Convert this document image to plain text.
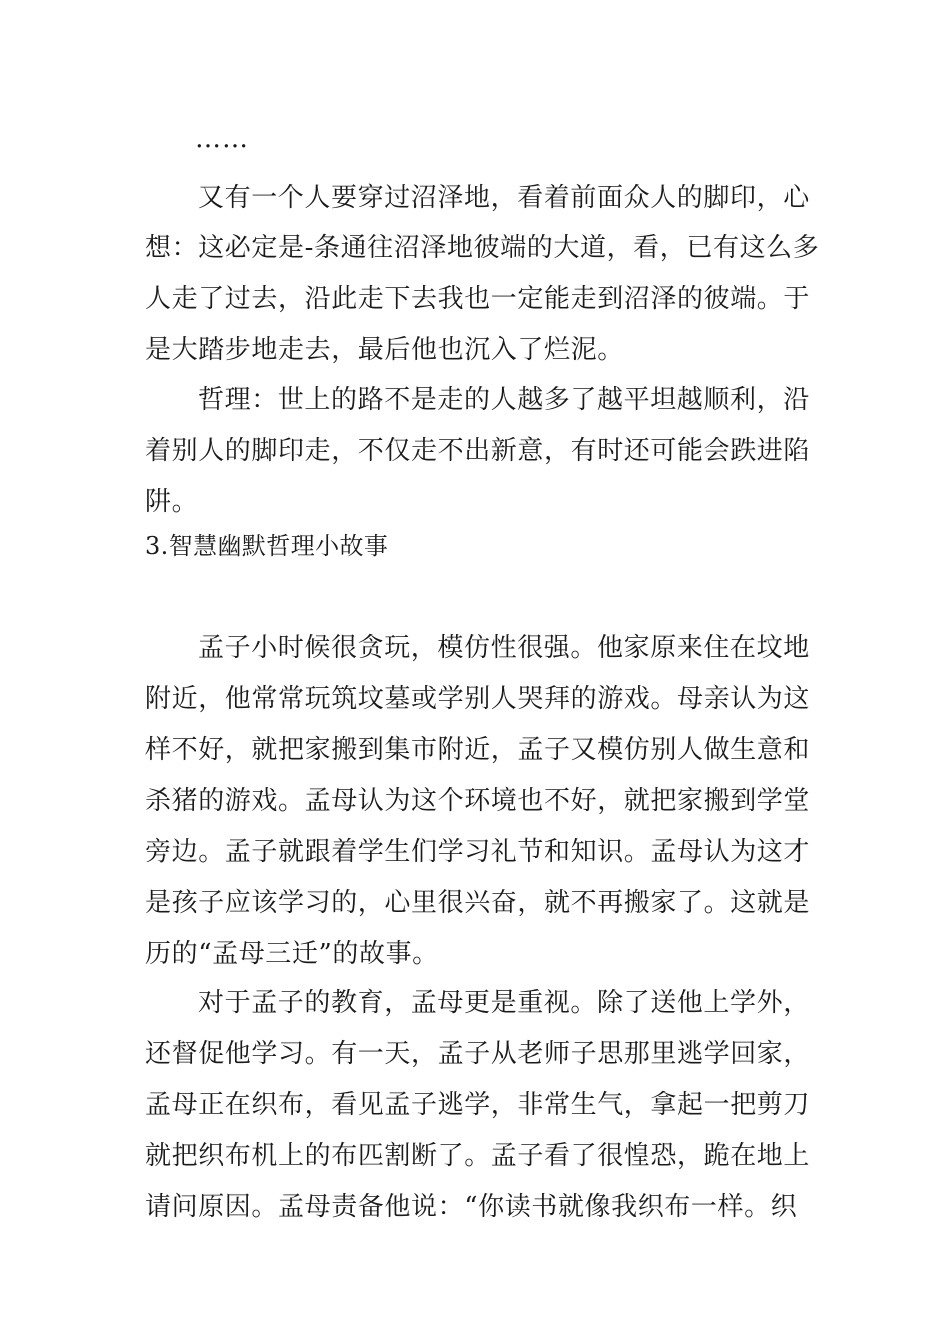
……
又有一个人要穿过沼泽地，看着前面众人的脚印，心
想：这必定是-条通往沼泽地彼端的大道，看，已有这么多
人走了过去，沿此走下去我也一定能走到沼泽的彼端。于
是大踏步地走去，最后他也沉入了烂泥。
哲理：世上的路不是走的人越多了越平坦越顺利，沿
着别人的脚印走，不仅走不出新意，有时还可能会跌进陷
阱。
3.智慧幽默哲理小故事
孟子小时候很贪玩，模仿性很强。他家原来住在坟地
附近，他常常玩筑坟墓或学别人哭拜的游戏。母亲认为这
样不好，就把家搬到集市附近，孟子又模仿别人做生意和
杀猪的游戏。孟母认为这个环境也不好，就把家搬到学堂
旁边。孟子就跟着学生们学习礼节和知识。孟母认为这才
是孩子应该学习的，心里很兴奋，就不再搬家了。这就是
历的“孟母三迁”的故事。
对于孟子的教育，孟母更是重视。除了送他上学外，
还督促他学习。有一天，孟子从老师子思那里逃学回家，
孟母正在织布，看见孟子逃学，非常生气，拿起一把剪刀
就把织布机上的布匹割断了。孟子看了很惶恐，跪在地上
请问原因。孟母责备他说：“你读书就像我织布一样。织
